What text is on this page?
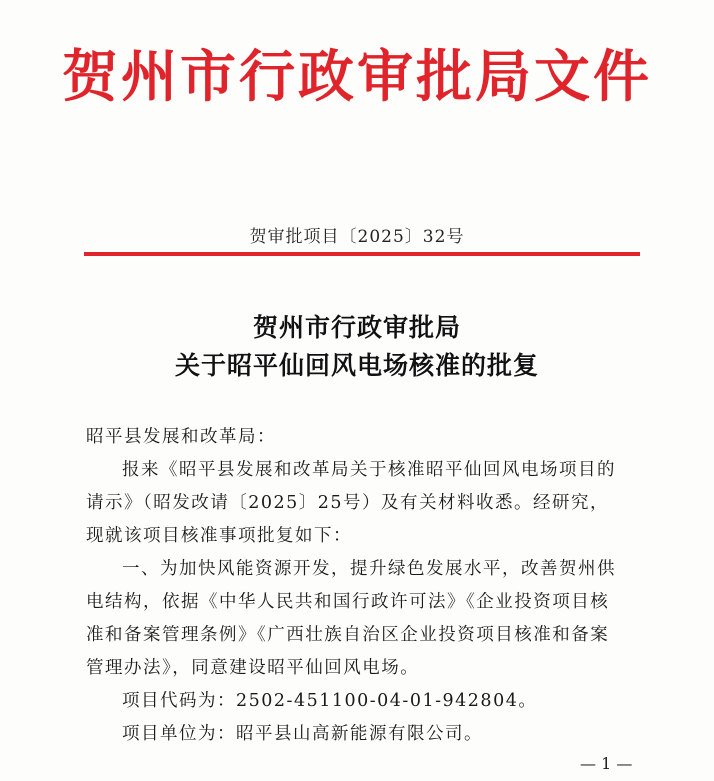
贺州市行政审批局文件
贺审批项目〔2025〕32号
贺州市行政审批局
关于昭平仙回风电场核准的批复
昭平县发展和改革局：
报来《昭平县发展和改革局关于核准昭平仙回风电场项目的
请示》（昭发改请〔2025〕25号）及有关材料收悉。经研究，
现就该项目核准事项批复如下：
一、为加快风能资源开发，提升绿色发展水平，改善贺州供
电结构，依据《中华人民共和国行政许可法》《企业投资项目核
准和备案管理条例》《广西壮族自治区企业投资项目核准和备案
管理办法》，同意建设昭平仙回风电场。
项目代码为：2502-451100-04-01-942804。
项目单位为：昭平县山高新能源有限公司。
— 1 —
